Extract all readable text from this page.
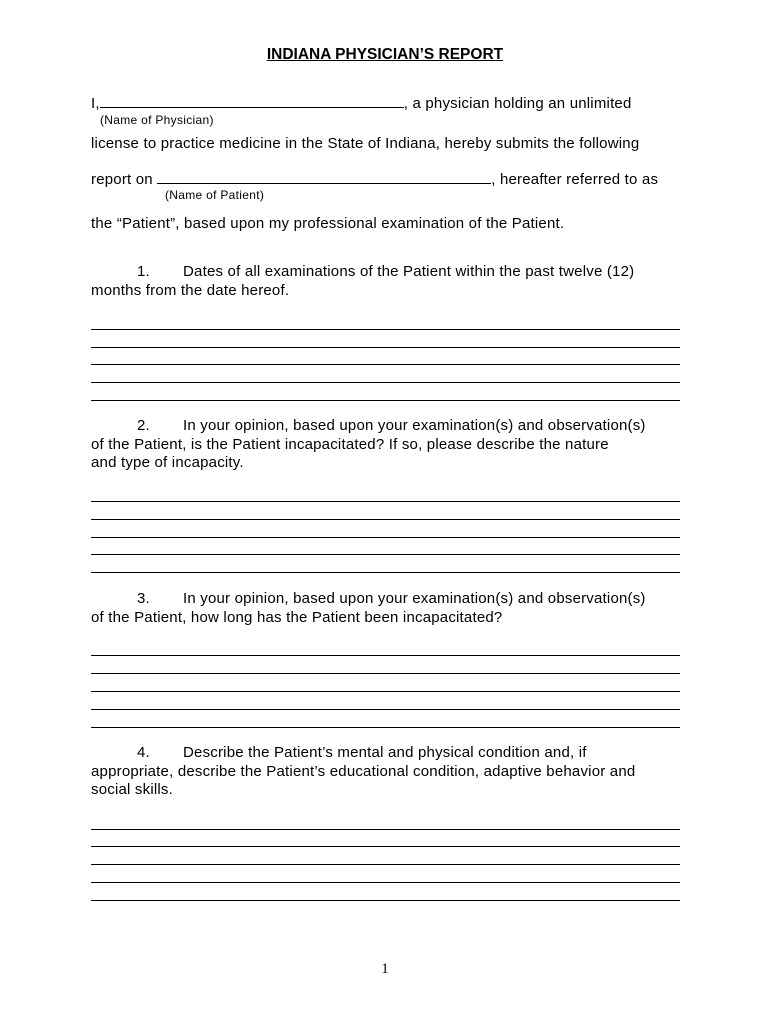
INDIANA PHYSICIAN’S REPORT
I,	, a physician holding an unlimited
(Name of Physician)
license to practice medicine in the State of Indiana, hereby submits the following
report on	, hereafter referred to as
(Name of Patient)
the “Patient”, based upon my professional examination of the Patient.
1. Dates of all examinations of the Patient within the past twelve (12)
months from the date hereof.
2. In your opinion, based upon your examination(s) and observation(s)
of the Patient, is the Patient incapacitated? If so, please describe the nature
and type of incapacity.
3. In your opinion, based upon your examination(s) and observation(s)
of the Patient, how long has the Patient been incapacitated?
4. Describe the Patient’s mental and physical condition and, if
appropriate, describe the Patient’s educational condition, adaptive behavior and
social skills.
1
